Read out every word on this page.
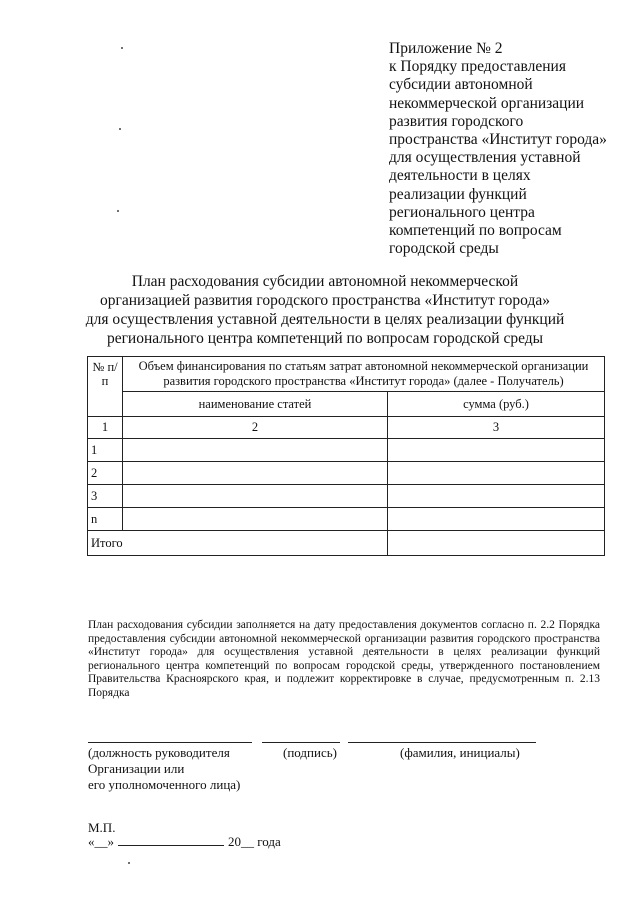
Приложение № 2
к Порядку предоставления
субсидии автономной
некоммерческой организации
развития городского
пространства «Институт города»
для осуществления уставной
деятельности в целях
реализации функций
регионального центра
компетенций по вопросам
городской среды
План расходования субсидии автономной некоммерческой
организацией развития городского пространства «Институт города»
для осуществления уставной деятельности в целях реализации функций
регионального центра компетенций по вопросам городской среды
№ п/п	Объем финансирования по статьям затрат автономной некоммерческой организации развития городского пространства «Институт города» (далее - Получатель)	
	наименование статей	сумма (руб.)
1	2	3
1		
2		
3		
n		
Итого		

План расходования субсидии заполняется на дату предоставления документов согласно п. 2.2 Порядка предоставления субсидии автономной некоммерческой организации развития городского пространства «Институт города» для осуществления уставной деятельности в целях реализации функций регионального центра компетенций по вопросам городской среды, утвержденного постановлением Правительства Красноярского края, и подлежит корректировке в случае, предусмотренным п. 2.13 Порядка

(должность руководителя
Организации или
его уполномоченного лица)
(подпись)	(фамилия, инициалы)
М.П.
«__»	20__ года
